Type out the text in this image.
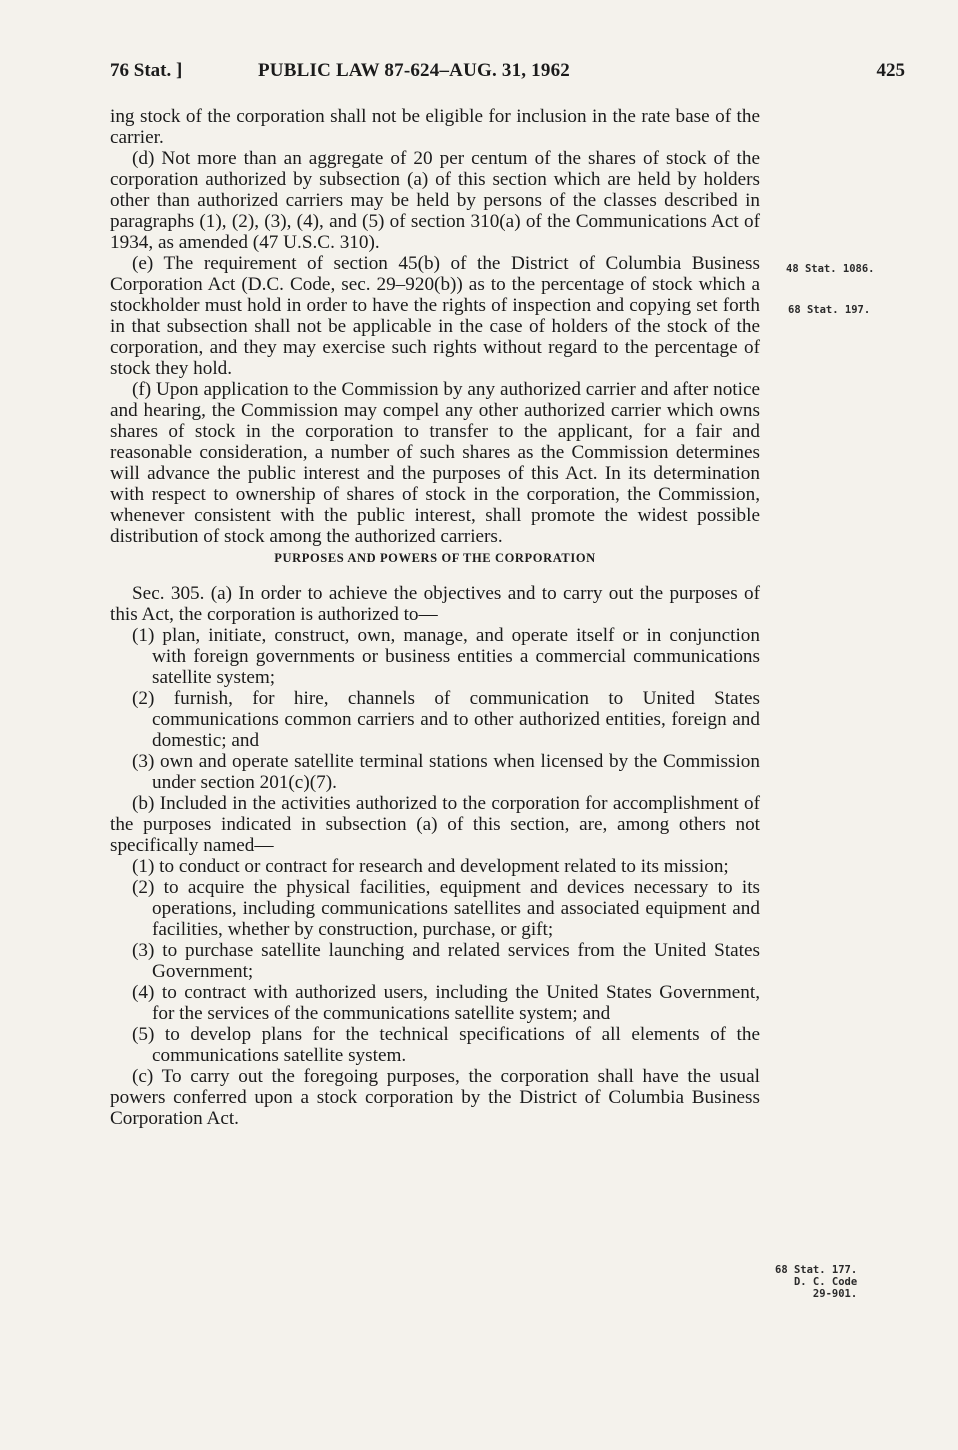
76 Stat. ]	PUBLIC LAW 87-624–AUG. 31, 1962	425

ing stock of the corporation shall not be eligible for inclusion in the rate base of the carrier.

(d) Not more than an aggregate of 20 per centum of the shares of stock of the corporation authorized by subsection (a) of this section which are held by holders other than authorized carriers may be held by persons of the classes described in paragraphs (1), (2), (3), (4), and (5) of section 310(a) of the Communications Act of 1934, as amended (47 U.S.C. 310).

(e) The requirement of section 45(b) of the District of Columbia Business Corporation Act (D.C. Code, sec. 29–920(b)) as to the percentage of stock which a stockholder must hold in order to have the rights of inspection and copying set forth in that subsection shall not be applicable in the case of holders of the stock of the corporation, and they may exercise such rights without regard to the percentage of stock they hold.

(f) Upon application to the Commission by any authorized carrier and after notice and hearing, the Commission may compel any other authorized carrier which owns shares of stock in the corporation to transfer to the applicant, for a fair and reasonable consideration, a number of such shares as the Commission determines will advance the public interest and the purposes of this Act. In its determination with respect to ownership of shares of stock in the corporation, the Commission, whenever consistent with the public interest, shall promote the widest possible distribution of stock among the authorized carriers.

PURPOSES AND POWERS OF THE CORPORATION

Sec. 305. (a) In order to achieve the objectives and to carry out the purposes of this Act, the corporation is authorized to—

(1) plan, initiate, construct, own, manage, and operate itself or in conjunction with foreign governments or business entities a commercial communications satellite system;

(2) furnish, for hire, channels of communication to United States communications common carriers and to other authorized entities, foreign and domestic; and

(3) own and operate satellite terminal stations when licensed by the Commission under section 201(c)(7).

(b) Included in the activities authorized to the corporation for accomplishment of the purposes indicated in subsection (a) of this section, are, among others not specifically named—

(1) to conduct or contract for research and development related to its mission;

(2) to acquire the physical facilities, equipment and devices necessary to its operations, including communications satellites and associated equipment and facilities, whether by construction, purchase, or gift;

(3) to purchase satellite launching and related services from the United States Government;

(4) to contract with authorized users, including the United States Government, for the services of the communications satellite system; and

(5) to develop plans for the technical specifications of all elements of the communications satellite system.

(c) To carry out the foregoing purposes, the corporation shall have the usual powers conferred upon a stock corporation by the District of Columbia Business Corporation Act.

48 Stat. 1086.
68 Stat. 197.
68 Stat. 177.
D. C. Code
29-901.
